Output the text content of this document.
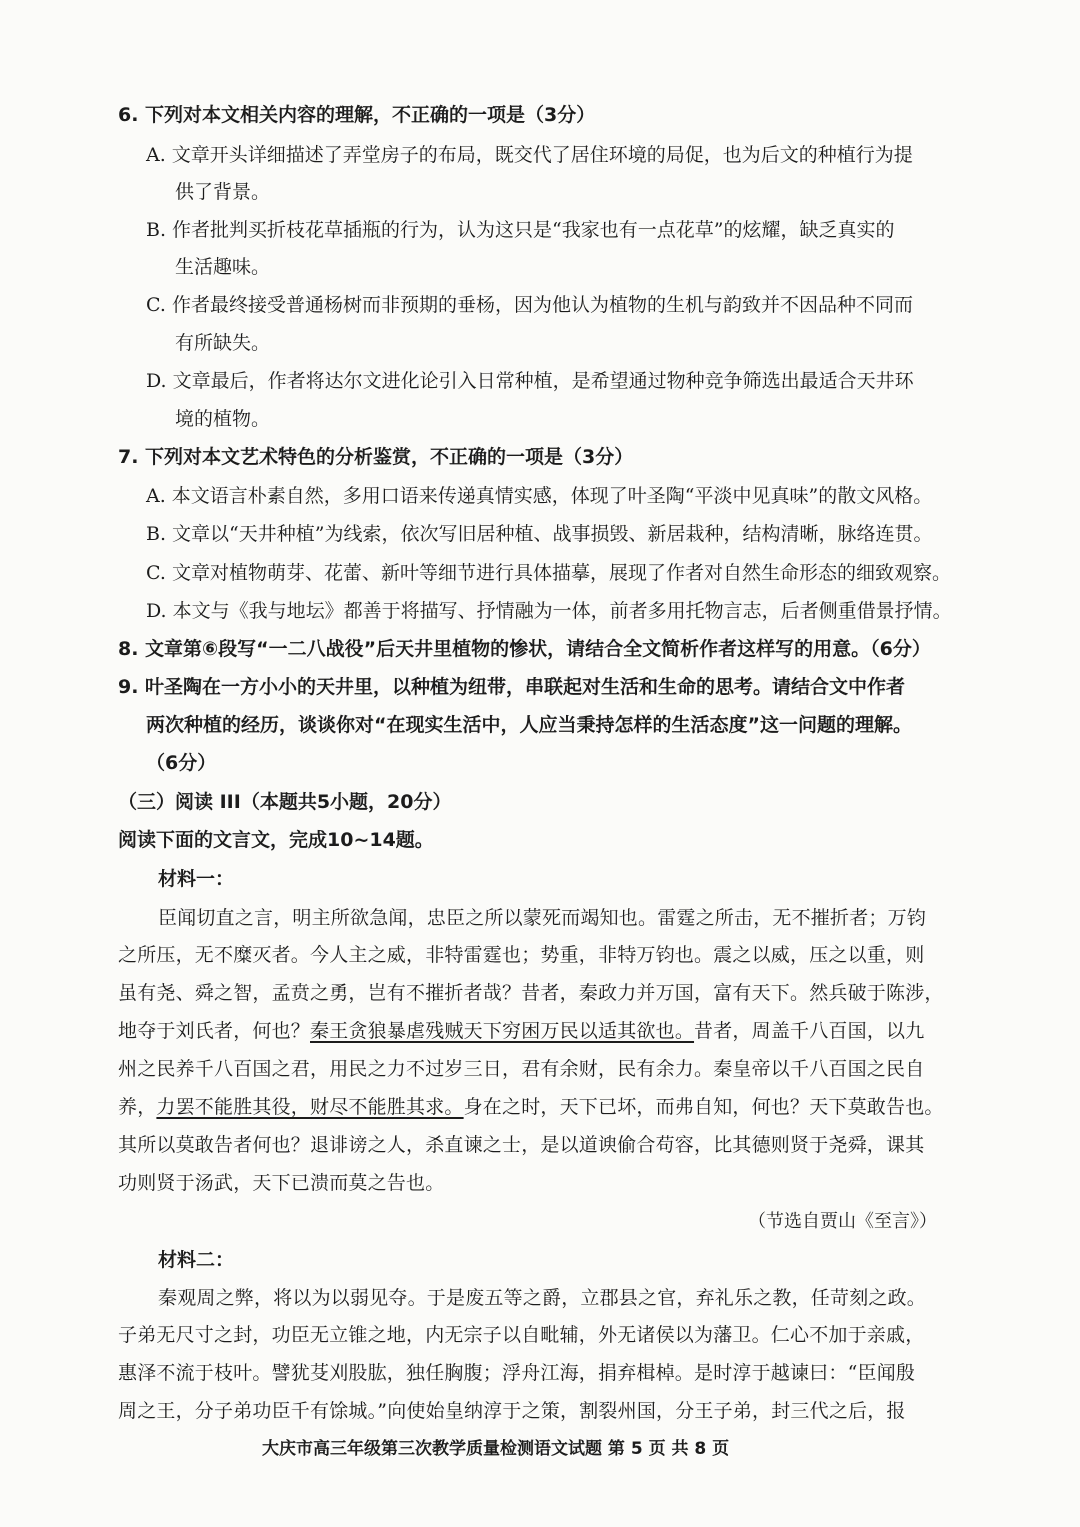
6. 下列对本文相关内容的理解，不正确的一项是（3分）
A. 文章开头详细描述了弄堂房子的布局，既交代了居住环境的局促，也为后文的种植行为提
供了背景。
B. 作者批判买折枝花草插瓶的行为，认为这只是“我家也有一点花草”的炫耀，缺乏真实的
生活趣味。
C. 作者最终接受普通杨树而非预期的垂杨，因为他认为植物的生机与韵致并不因品种不同而
有所缺失。
D. 文章最后，作者将达尔文进化论引入日常种植，是希望通过物种竞争筛选出最适合天井环
境的植物。
7. 下列对本文艺术特色的分析鉴赏，不正确的一项是（3分）
A. 本文语言朴素自然，多用口语来传递真情实感，体现了叶圣陶“平淡中见真味”的散文风格。
B. 文章以“天井种植”为线索，依次写旧居种植、战事损毁、新居栽种，结构清晰，脉络连贯。
C. 文章对植物萌芽、花蕾、新叶等细节进行具体描摹，展现了作者对自然生命形态的细致观察。
D. 本文与《我与地坛》都善于将描写、抒情融为一体，前者多用托物言志，后者侧重借景抒情。
8. 文章第⑥段写“一二八战役”后天井里植物的惨状，请结合全文简析作者这样写的用意。（6分）
9. 叶圣陶在一方小小的天井里，以种植为纽带，串联起对生活和生命的思考。请结合文中作者
两次种植的经历，谈谈你对“在现实生活中，人应当秉持怎样的生活态度”这一问题的理解。
（6分）
（三）阅读 III（本题共5小题，20分）
阅读下面的文言文，完成10~14题。
材料一：
臣闻切直之言，明主所欲急闻，忠臣之所以蒙死而竭知也。雷霆之所击，无不摧折者；万钧
之所压，无不糜灭者。今人主之威，非特雷霆也；势重，非特万钧也。震之以威，压之以重，则
虽有尧、舜之智，孟贲之勇，岂有不摧折者哉？昔者，秦政力并万国，富有天下。然兵破于陈涉，
地夺于刘氏者，何也？秦王贪狼暴虐残贼天下穷困万民以适其欲也。昔者，周盖千八百国，以九
州之民养千八百国之君，用民之力不过岁三日，君有余财，民有余力。秦皇帝以千八百国之民自
养，力罢不能胜其役，财尽不能胜其求。身在之时，天下已坏，而弗自知，何也？天下莫敢告也。
其所以莫敢告者何也？退诽谤之人，杀直谏之士，是以道谀偷合苟容，比其德则贤于尧舜，课其
功则贤于汤武，天下已溃而莫之告也。
（节选自贾山《至言》）
材料二：
秦观周之弊，将以为以弱见夺。于是废五等之爵，立郡县之官，弃礼乐之教，任苛刻之政。
子弟无尺寸之封，功臣无立锥之地，内无宗子以自毗辅，外无诸侯以为藩卫。仁心不加于亲戚，
惠泽不流于枝叶。譬犹芟刈股肱，独任胸腹；浮舟江海，捐弃楫棹。是时淳于越谏曰：“臣闻殷
周之王，分子弟功臣千有馀城。”向使始皇纳淳于之策，割裂州国，分王子弟，封三代之后，报
大庆市高三年级第三次教学质量检测语文试题 第 5 页 共 8 页
